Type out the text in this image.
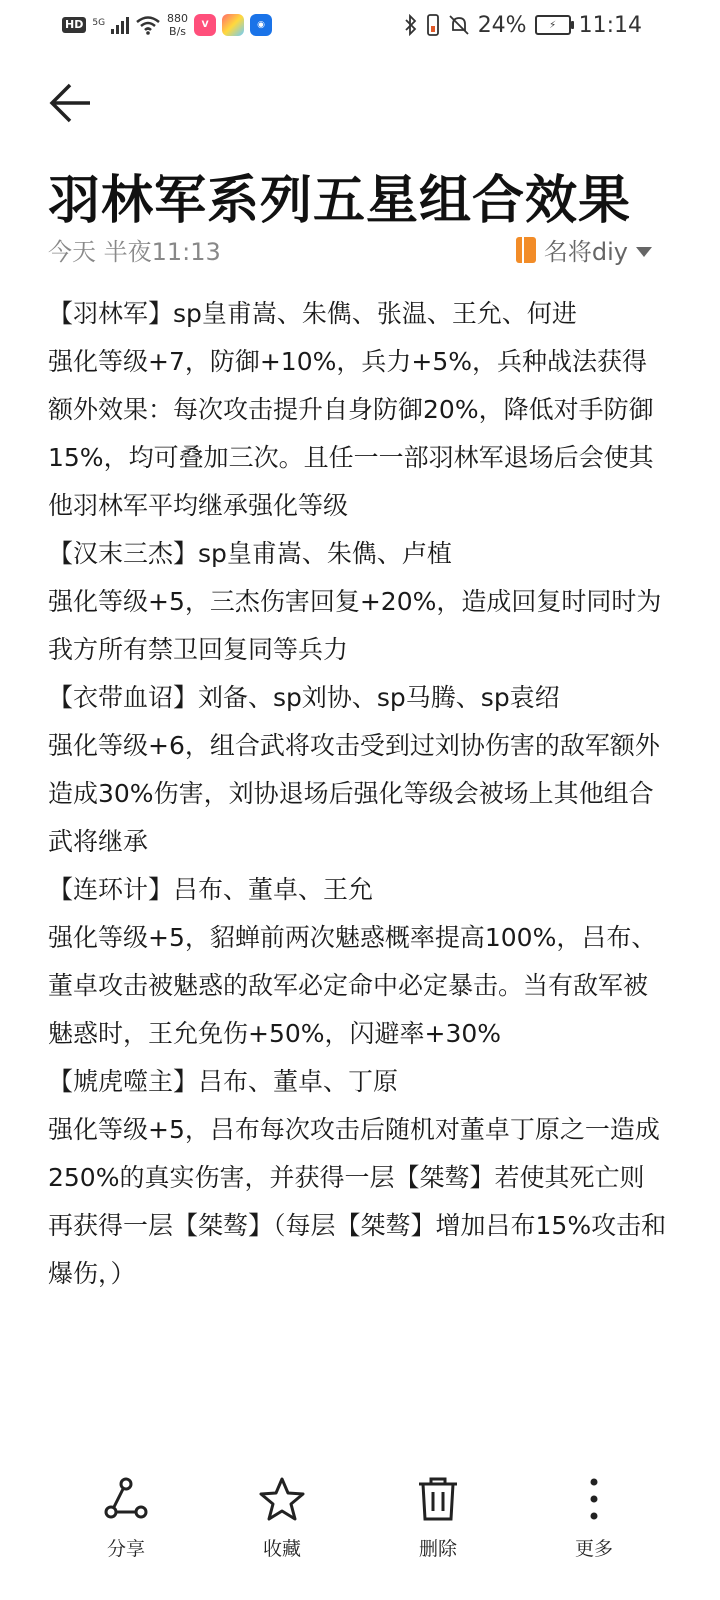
HD	5G	880
B/s	V	◉	24%	⚡	11:14
羽林军系列五星组合效果
今天 半夜11:13	名将diy

【羽林军】sp皇甫嵩、朱儁、张温、王允、何进

强化等级+7，防御+10%，兵力+5%，兵种战法获得额外效果：每次攻击提升自身防御20%，降低对手防御15%，均可叠加三次。且任一一部羽林军退场后会使其他羽林军平均继承强化等级

【汉末三杰】sp皇甫嵩、朱儁、卢植

强化等级+5，三杰伤害回复+20%，造成回复时同时为我方所有禁卫回复同等兵力

【衣带血诏】刘备、sp刘协、sp马腾、sp袁绍

强化等级+6，组合武将攻击受到过刘协伤害的敌军额外造成30%伤害，刘协退场后强化等级会被场上其他组合武将继承

【连环计】吕布、董卓、王允

强化等级+5，貂蝉前两次魅惑概率提高100%，吕布、董卓攻击被魅惑的敌军必定命中必定暴击。当有敌军被魅惑时，王允免伤+50%，闪避率+30%

【虓虎噬主】吕布、董卓、丁原

强化等级+5，吕布每次攻击后随机对董卓丁原之一造成250%的真实伤害，并获得一层【桀骜】若使其死亡则再获得一层【桀骜】（每层【桀骜】增加吕布15%攻击和爆伤，）

分享	收藏	删除	更多
